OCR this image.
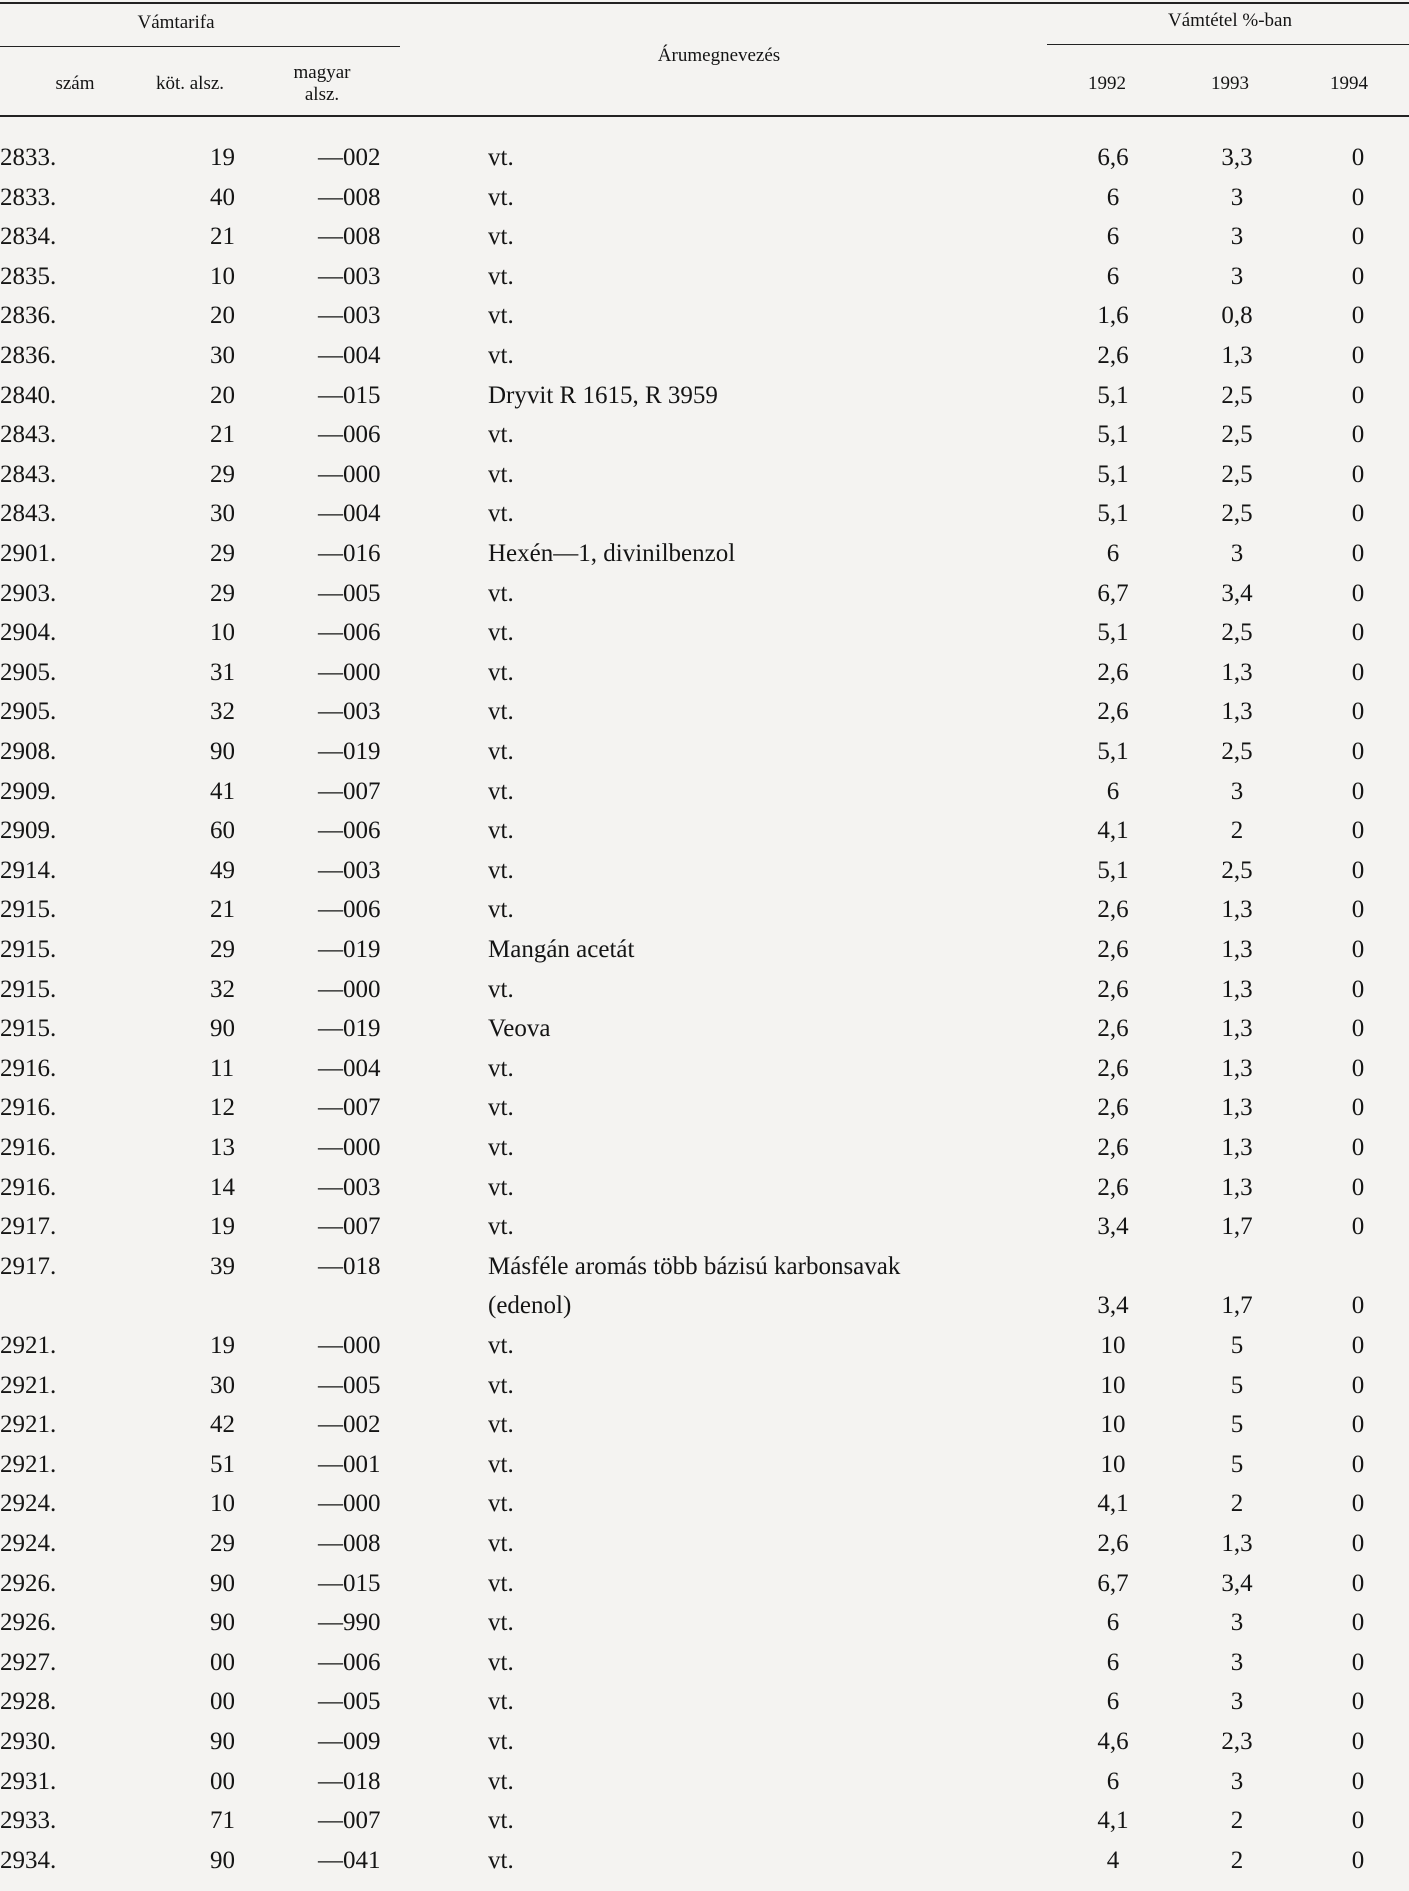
Vámtarifa	Vámtétel %-ban
Árumegnevezés
szám	köt. alsz.
magyar
alsz.
1992	1993	1994
2833.	19	—002	vt.	6,6	3,3	0
2833.	40	—008	vt.	6	3	0
2834.	21	—008	vt.	6	3	0
2835.	10	—003	vt.	6	3	0
2836.	20	—003	vt.	1,6	0,8	0
2836.	30	—004	vt.	2,6	1,3	0
2840.	20	—015	Dryvit R 1615, R 3959	5,1	2,5	0
2843.	21	—006	vt.	5,1	2,5	0
2843.	29	—000	vt.	5,1	2,5	0
2843.	30	—004	vt.	5,1	2,5	0
2901.	29	—016	Hexén—1, divinilbenzol	6	3	0
2903.	29	—005	vt.	6,7	3,4	0
2904.	10	—006	vt.	5,1	2,5	0
2905.	31	—000	vt.	2,6	1,3	0
2905.	32	—003	vt.	2,6	1,3	0
2908.	90	—019	vt.	5,1	2,5	0
2909.	41	—007	vt.	6	3	0
2909.	60	—006	vt.	4,1	2	0
2914.	49	—003	vt.	5,1	2,5	0
2915.	21	—006	vt.	2,6	1,3	0
2915.	29	—019	Mangán acetát	2,6	1,3	0
2915.	32	—000	vt.	2,6	1,3	0
2915.	90	—019	Veova	2,6	1,3	0
2916.	11	—004	vt.	2,6	1,3	0
2916.	12	—007	vt.	2,6	1,3	0
2916.	13	—000	vt.	2,6	1,3	0
2916.	14	—003	vt.	2,6	1,3	0
2917.	19	—007	vt.	3,4	1,7	0
2917.	39	—018	Másféle aromás több bázisú karbonsavak
(edenol)	3,4	1,7	0
2921.	19	—000	vt.	10	5	0
2921.	30	—005	vt.	10	5	0
2921.	42	—002	vt.	10	5	0
2921.	51	—001	vt.	10	5	0
2924.	10	—000	vt.	4,1	2	0
2924.	29	—008	vt.	2,6	1,3	0
2926.	90	—015	vt.	6,7	3,4	0
2926.	90	—990	vt.	6	3	0
2927.	00	—006	vt.	6	3	0
2928.	00	—005	vt.	6	3	0
2930.	90	—009	vt.	4,6	2,3	0
2931.	00	—018	vt.	6	3	0
2933.	71	—007	vt.	4,1	2	0
2934.	90	—041	vt.	4	2	0
